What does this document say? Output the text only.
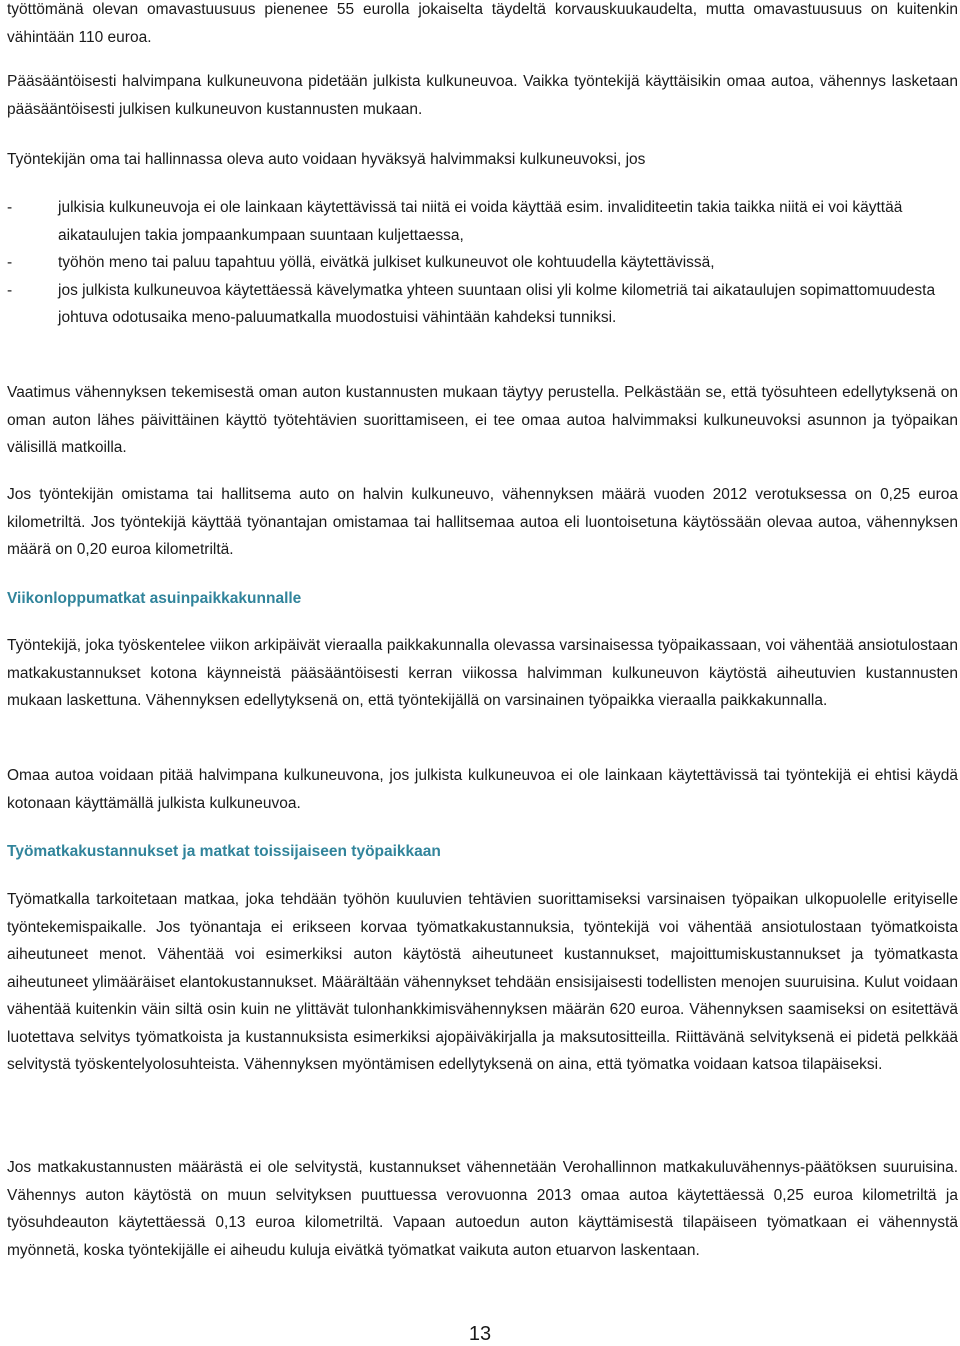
työttömänä olevan omavastuusuus pienenee 55 eurolla jokaiselta täydeltä korvauskuukaudelta, mutta omavastuusuus on kuitenkin vähintään 110 euroa.

Pääsääntöisesti halvimpana kulkuneuvona pidetään julkista kulkuneuvoa. Vaikka työntekijä käyttäisikin omaa autoa, vähennys lasketaan pääsääntöisesti julkisen kulkuneuvon kustannusten mukaan.

Työntekijän oma tai hallinnassa oleva auto voidaan hyväksyä halvimmaksi kulkuneuvoksi, jos

-	julkisia kulkuneuvoja ei ole lainkaan käytettävissä tai niitä ei voida käyttää esim. invaliditeetin takia taikka niitä ei voi käyttää aikataulujen takia jompaankumpaan suuntaan kuljettaessa,
-	työhön meno tai paluu tapahtuu yöllä, eivätkä julkiset kulkuneuvot ole kohtuudella käytettävissä,
-	jos julkista kulkuneuvoa käytettäessä kävelymatka yhteen suuntaan olisi yli kolme kilometriä tai aikataulujen sopimattomuudesta johtuva odotusaika meno-paluumatkalla muodostuisi vähintään kahdeksi tunniksi.

Vaatimus vähennyksen tekemisestä oman auton kustannusten mukaan täytyy perustella. Pelkästään se, että työsuhteen edellytyksenä on oman auton lähes päivittäinen käyttö työtehtävien suorittamiseen, ei tee omaa autoa halvimmaksi kulkuneuvoksi asunnon ja työpaikan välisillä matkoilla.

Jos työntekijän omistama tai hallitsema auto on halvin kulkuneuvo, vähennyksen määrä vuoden 2012 verotuksessa on 0,25 euroa kilometriltä. Jos työntekijä käyttää työnantajan omistamaa tai hallitsemaa autoa eli luontoisetuna käytössään olevaa autoa, vähennyksen määrä on 0,20 euroa kilometriltä.

Viikonloppumatkat asuinpaikkakunnalle

Työntekijä, joka työskentelee viikon arkipäivät vieraalla paikkakunnalla olevassa varsinaisessa työpaikassaan, voi vähentää ansiotulostaan matkakustannukset kotona käynneistä pääsääntöisesti kerran viikossa halvimman kulkuneuvon käytöstä aiheutuvien kustannusten mukaan laskettuna. Vähennyksen edellytyksenä on, että työntekijällä on varsinainen työpaikka vieraalla paikkakunnalla.

Omaa autoa voidaan pitää halvimpana kulkuneuvona, jos julkista kulkuneuvoa ei ole lainkaan käytettävissä tai työntekijä ei ehtisi käydä kotonaan käyttämällä julkista kulkuneuvoa.

Työmatkakustannukset ja matkat toissijaiseen työpaikkaan

Työmatkalla tarkoitetaan matkaa, joka tehdään työhön kuuluvien tehtävien suorittamiseksi varsinaisen työpaikan ulkopuolelle erityiselle työntekemispaikalle. Jos työnantaja ei erikseen korvaa työmatkakustannuksia, työntekijä voi vähentää ansiotulostaan työmatkoista aiheutuneet menot. Vähentää voi esimerkiksi auton käytöstä aiheutuneet kustannukset, majoittumiskustannukset ja työmatkasta aiheutuneet ylimääräiset elantokustannukset. Määrältään vähennykset tehdään ensisijaisesti todellisten menojen suuruisina. Kulut voidaan vähentää kuitenkin väin siltä osin kuin ne ylittävät tulonhankkimisvähennyksen määrän 620 euroa. Vähennyksen saamiseksi on esitettävä luotettava selvitys työmatkoista ja kustannuksista esimerkiksi ajopäiväkirjalla ja maksutositteilla. Riittävänä selvityksenä ei pidetä pelkkää selvitystä työskentelyolosuhteista. Vähennyksen myöntämisen edellytyksenä on aina, että työmatka voidaan katsoa tilapäiseksi.

Jos matkakustannusten määrästä ei ole selvitystä, kustannukset vähennetään Verohallinnon matkakuluvähennys-päätöksen suuruisina. Vähennys auton käytöstä on muun selvityksen puuttuessa verovuonna 2013 omaa autoa käytettäessä 0,25 euroa kilometriltä ja työsuhdeauton käytettäessä 0,13 euroa kilometriltä. Vapaan autoedun auton käyttämisestä tilapäiseen työmatkaan ei vähennystä myönnetä, koska työntekijälle ei aiheudu kuluja eivätkä työmatkat vaikuta auton etuarvon laskentaan.

13
